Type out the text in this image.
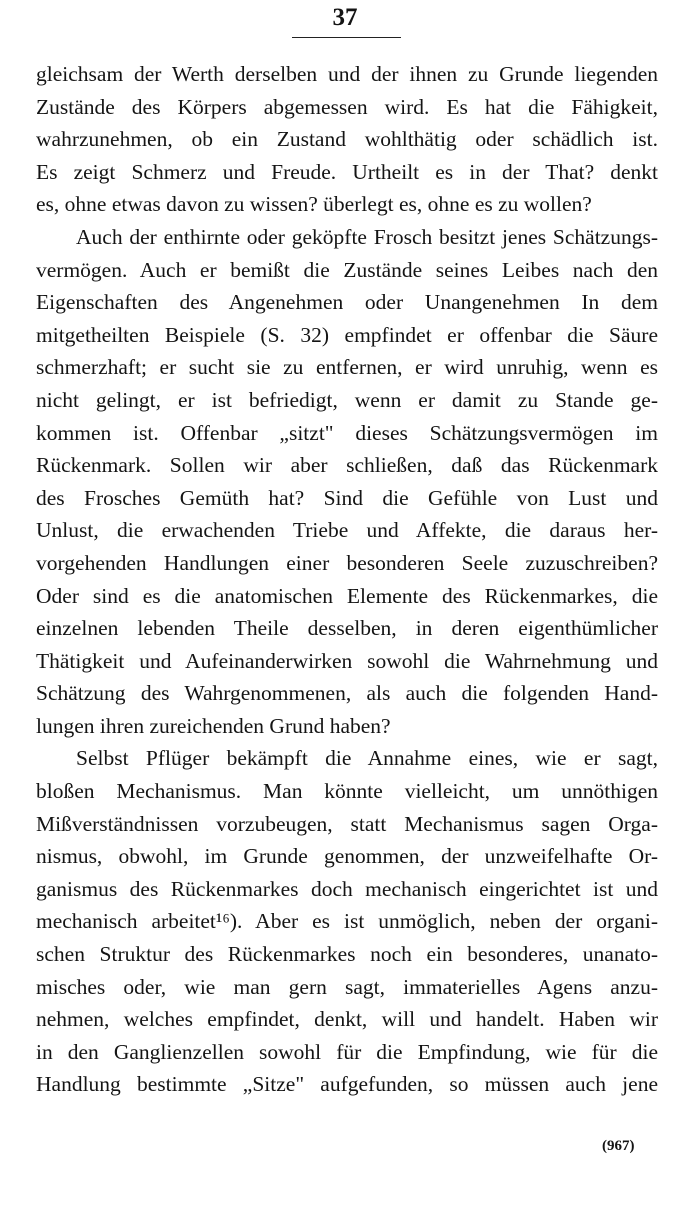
37
gleichsam der Werth derselben und der ihnen zu Grunde liegenden
Zustände des Körpers abgemessen wird. Es hat die Fähigkeit,
wahrzunehmen, ob ein Zustand wohlthätig oder schädlich ist.
Es zeigt Schmerz und Freude. Urtheilt es in der That? denkt
es, ohne etwas davon zu wissen? überlegt es, ohne es zu wollen?
Auch der enthirnte oder geköpfte Frosch besitzt jenes Schätzungs-
vermögen. Auch er bemißt die Zustände seines Leibes nach den
Eigenschaften des Angenehmen oder Unangenehmen In dem
mitgetheilten Beispiele (S. 32) empfindet er offenbar die Säure
schmerzhaft; er sucht sie zu entfernen, er wird unruhig, wenn es
nicht gelingt, er ist befriedigt, wenn er damit zu Stande ge-
kommen ist. Offenbar „sitzt" dieses Schätzungsvermögen im
Rückenmark. Sollen wir aber schließen, daß das Rückenmark
des Frosches Gemüth hat? Sind die Gefühle von Lust und
Unlust, die erwachenden Triebe und Affekte, die daraus her-
vorgehenden Handlungen einer besonderen Seele zuzuschreiben?
Oder sind es die anatomischen Elemente des Rückenmarkes, die
einzelnen lebenden Theile desselben, in deren eigenthümlicher
Thätigkeit und Aufeinanderwirken sowohl die Wahrnehmung und
Schätzung des Wahrgenommenen, als auch die folgenden Hand-
lungen ihren zureichenden Grund haben?
Selbst Pflüger bekämpft die Annahme eines, wie er sagt,
bloßen Mechanismus. Man könnte vielleicht, um unnöthigen
Mißverständnissen vorzubeugen, statt Mechanismus sagen Orga-
nismus, obwohl, im Grunde genommen, der unzweifelhafte Or-
ganismus des Rückenmarkes doch mechanisch eingerichtet ist und
mechanisch arbeitet¹⁶). Aber es ist unmöglich, neben der organi-
schen Struktur des Rückenmarkes noch ein besonderes, unanato-
misches oder, wie man gern sagt, immaterielles Agens anzu-
nehmen, welches empfindet, denkt, will und handelt. Haben wir
in den Ganglienzellen sowohl für die Empfindung, wie für die
Handlung bestimmte „Sitze" aufgefunden, so müssen auch jene
(967)
